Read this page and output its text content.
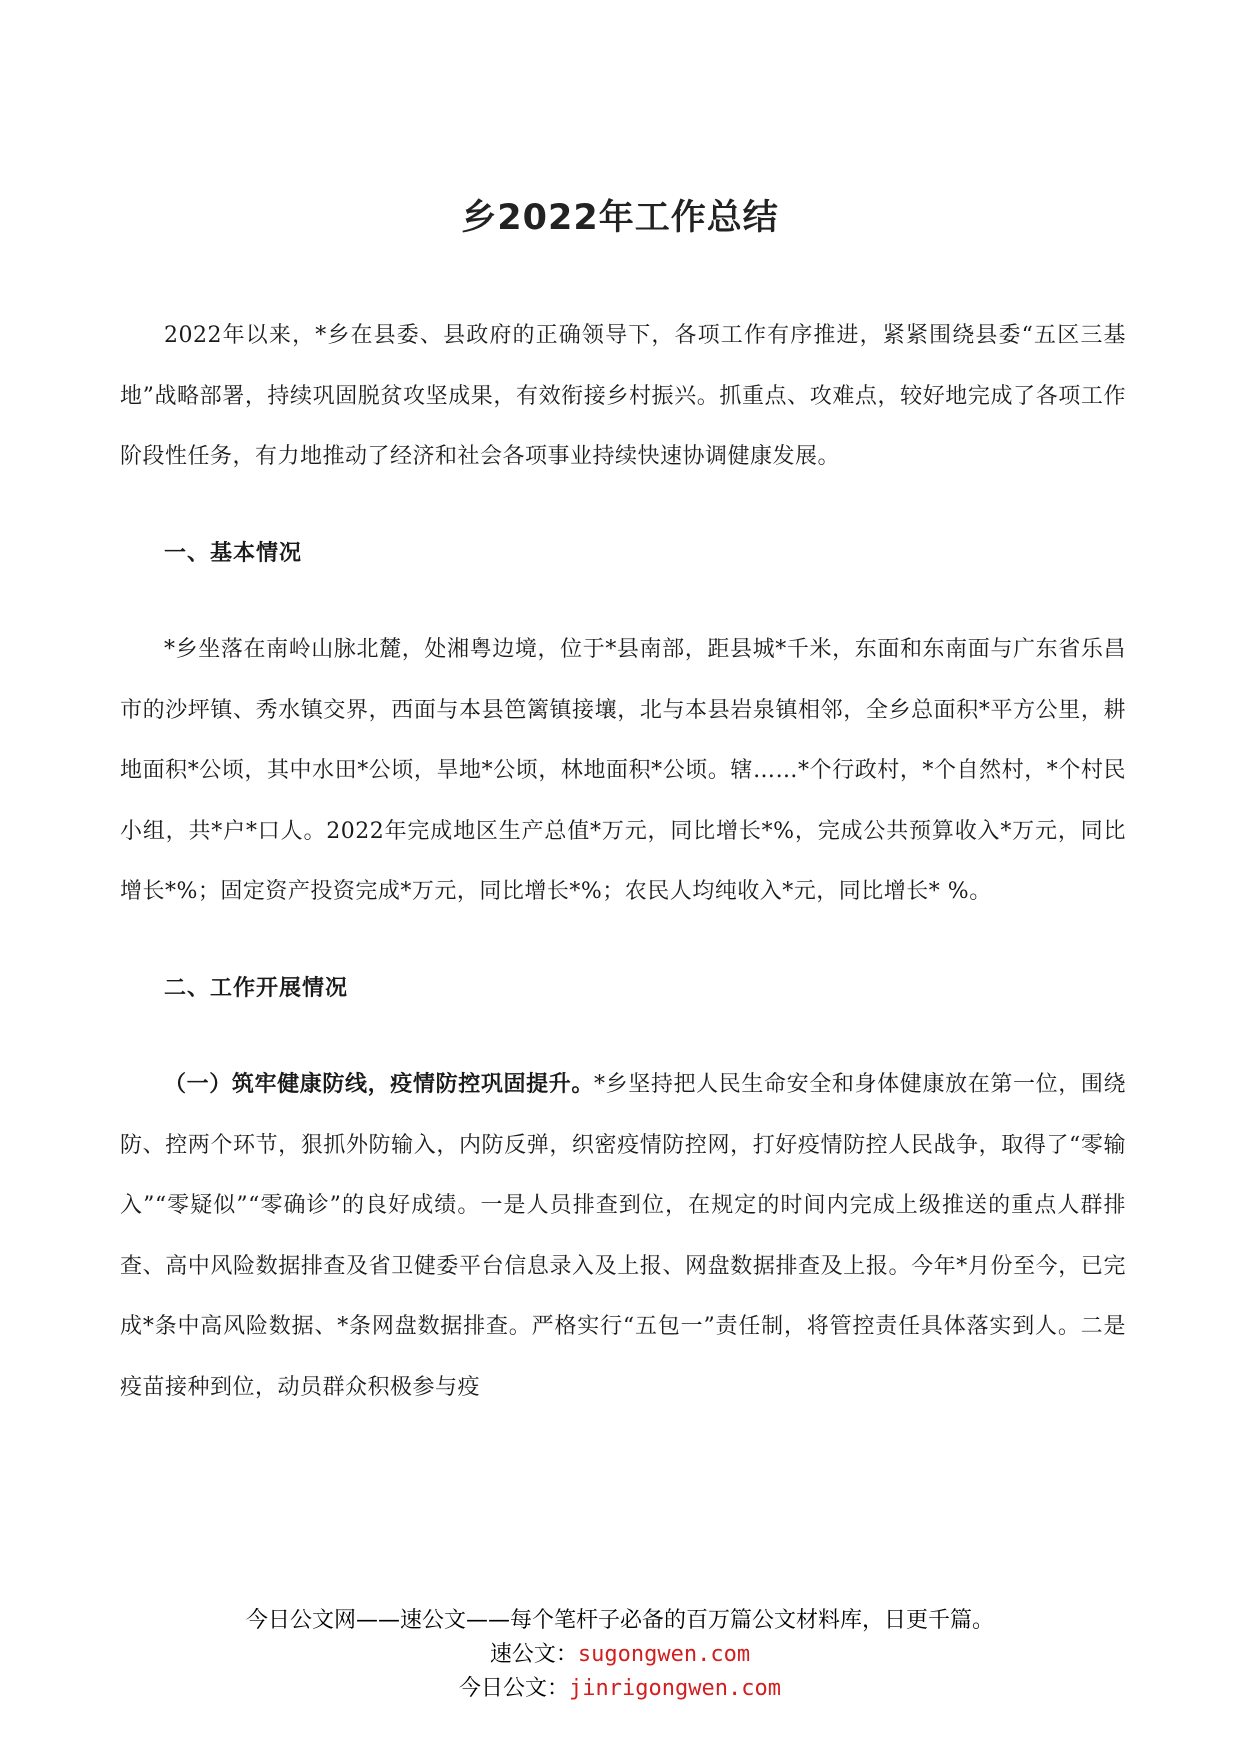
乡2022年工作总结

2022年以来，*乡在县委、县政府的正确领导下，各项工作有序推进，紧紧围绕县委“五区三基地”战略部署，持续巩固脱贫攻坚成果，有效衔接乡村振兴。抓重点、攻难点，较好地完成了各项工作阶段性任务，有力地推动了经济和社会各项事业持续快速协调健康发展。

一、基本情况

*乡坐落在南岭山脉北麓，处湘粤边境，位于*县南部，距县城*千米，东面和东南面与广东省乐昌市的沙坪镇、秀水镇交界，西面与本县笆篱镇接壤，北与本县岩泉镇相邻，全乡总面积*平方公里，耕地面积*公顷，其中水田*公顷，旱地*公顷，林地面积*公顷。辖……*个行政村，*个自然村，*个村民小组，共*户*口人。2022年完成地区生产总值*万元，同比增长*%，完成公共预算收入*万元，同比增长*%；固定资产投资完成*万元，同比增长*%；农民人均纯收入*元，同比增长* %。

二、工作开展情况

（一）筑牢健康防线，疫情防控巩固提升。*乡坚持把人民生命安全和身体健康放在第一位，围绕防、控两个环节，狠抓外防输入，内防反弹，织密疫情防控网，打好疫情防控人民战争，取得了“零输入”“零疑似”“零确诊”的良好成绩。一是人员排查到位，在规定的时间内完成上级推送的重点人群排查、高中风险数据排查及省卫健委平台信息录入及上报、网盘数据排查及上报。今年*月份至今，已完成*条中高风险数据、*条网盘数据排查。严格实行“五包一”责任制，将管控责任具体落实到人。二是疫苗接种到位，动员群众积极参与疫

今日公文网——速公文——每个笔杆子必备的百万篇公文材料库，日更千篇。
速公文：sugongwen.com
今日公文：jinrigongwen.com
